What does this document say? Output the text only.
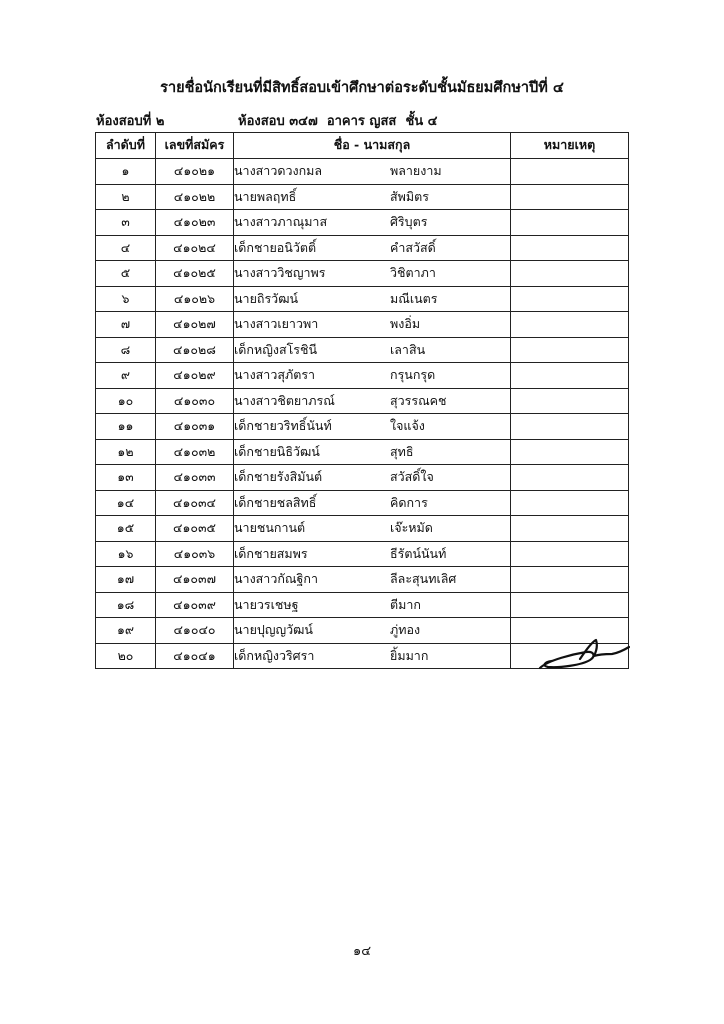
รายชื่อนักเรียนที่มีสิทธิ์สอบเข้าศึกษาต่อระดับชั้นมัธยมศึกษาปีที่ ๔
ห้องสอบที่ ๒	ห้องสอบ ๓๔๗ อาคาร ญสส ชั้น ๔
ลำดับที่	เลขที่สมัคร	ชื่อ - นามสกุล	หมายเหตุ
๑	๔๑๐๒๑	นางสาวดวงกมล พลายงาม	
๒	๔๑๐๒๒	นายพลฤทธิ์ สัพมิตร	
๓	๔๑๐๒๓	นางสาวภาณุมาส ศิริบุตร	
๔	๔๑๐๒๔	เด็กชายอนิวัตติ์ คำสวัสดิ์	
๕	๔๑๐๒๕	นางสาววิชญาพร วิชิตาภา	
๖	๔๑๐๒๖	นายถิรวัฒน์ มณีเนตร	
๗	๔๑๐๒๗	นางสาวเยาวพา พงอิ่ม	
๘	๔๑๐๒๘	เด็กหญิงสโรชินี เลาสิน	
๙	๔๑๐๒๙	นางสาวสุภัตรา กรุนกรุด	
๑๐	๔๑๐๓๐	นางสาวชิตยาภรณ์ สุวรรณคช	
๑๑	๔๑๐๓๑	เด็กชายวริทธิ์นันท์ ใจแจ้ง	
๑๒	๔๑๐๓๒	เด็กชายนิธิวัฒน์ สุทธิ	
๑๓	๔๑๐๓๓	เด็กชายรังสิมันต์ สวัสดิ์ใจ	
๑๔	๔๑๐๓๔	เด็กชายชลสิทธิ์ คิดการ	
๑๕	๔๑๐๓๕	นายชนกานต์ เจ๊ะหมัด	
๑๖	๔๑๐๓๖	เด็กชายสมพร ธีรัตน์นันท์	
๑๗	๔๑๐๓๗	นางสาวกัณฐิกา ลีละสุนทเลิศ	
๑๘	๔๑๐๓๙	นายวรเชษฐ ตีมาก	
๑๙	๔๑๐๔๐	นายปุญญวัฒน์ ภู่ทอง	
๒๐	๔๑๐๔๑	เด็กหญิงวริศรา ยิ้มมาก	
๑๔
